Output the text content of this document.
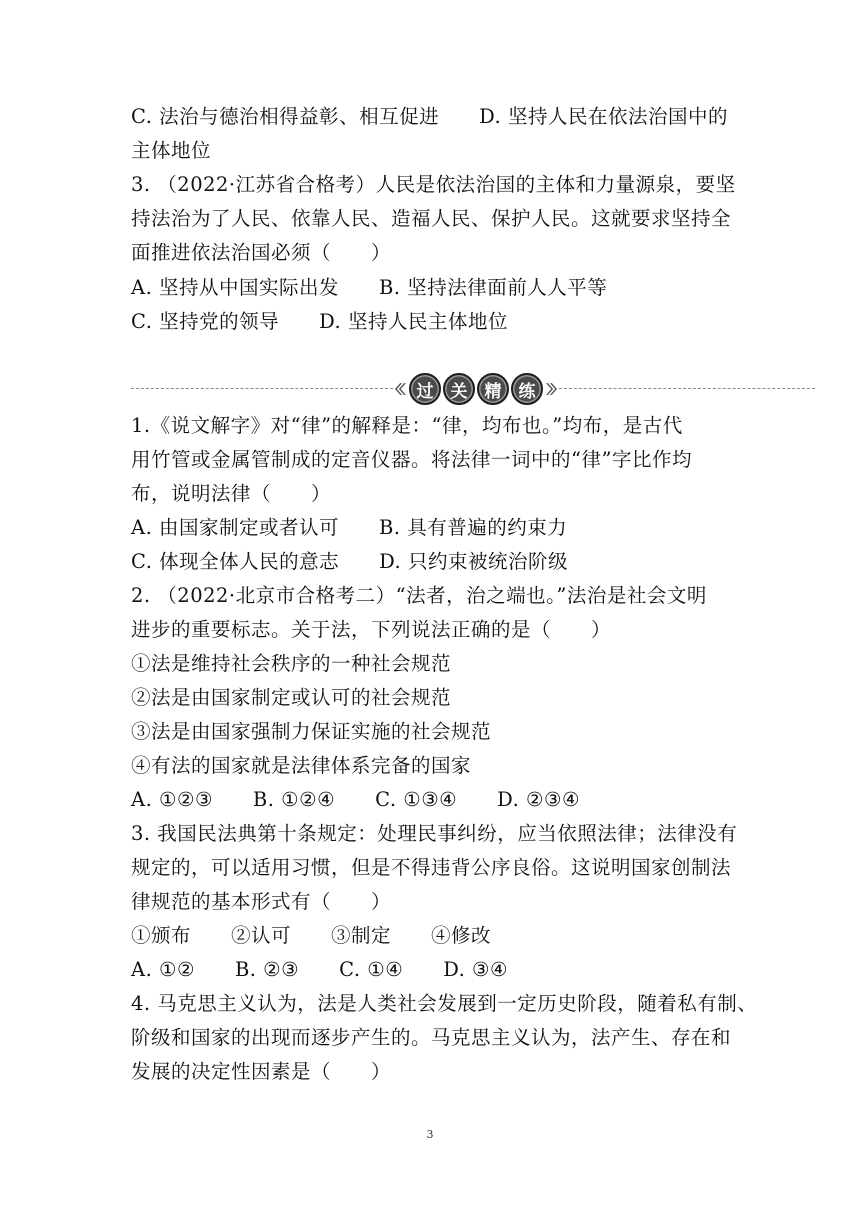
C. 法治与德治相得益彰、相互促进　　D. 坚持人民在依法治国中的
主体地位
3. （2022·江苏省合格考）人民是依法治国的主体和力量源泉，要坚
持法治为了人民、依靠人民、造福人民、保护人民。这就要求坚持全
面推进依法治国必须（　　）
A. 坚持从中国实际出发　　B. 坚持法律面前人人平等
C. 坚持党的领导　　D. 坚持人民主体地位
过	关	精	练
1.《说文解字》对“律”的解释是：“律，均布也。”均布，是古代
用竹管或金属管制成的定音仪器。将法律一词中的“律”字比作均
布，说明法律（　　）
A. 由国家制定或者认可　　B. 具有普遍的约束力
C. 体现全体人民的意志　　D. 只约束被统治阶级
2. （2022·北京市合格考二）“法者，治之端也。”法治是社会文明
进步的重要标志。关于法，下列说法正确的是（　　）
①法是维持社会秩序的一种社会规范
②法是由国家制定或认可的社会规范
③法是由国家强制力保证实施的社会规范
④有法的国家就是法律体系完备的国家
A. ①②③　　B. ①②④　　C. ①③④　　D. ②③④
3. 我国民法典第十条规定：处理民事纠纷，应当依照法律；法律没有
规定的，可以适用习惯，但是不得违背公序良俗。这说明国家创制法
律规范的基本形式有（　　）
①颁布　　②认可　　③制定　　④修改
A. ①②　　B. ②③　　C. ①④　　D. ③④
4. 马克思主义认为，法是人类社会发展到一定历史阶段，随着私有制、
阶级和国家的出现而逐步产生的。马克思主义认为，法产生、存在和
发展的决定性因素是（　　）
3
